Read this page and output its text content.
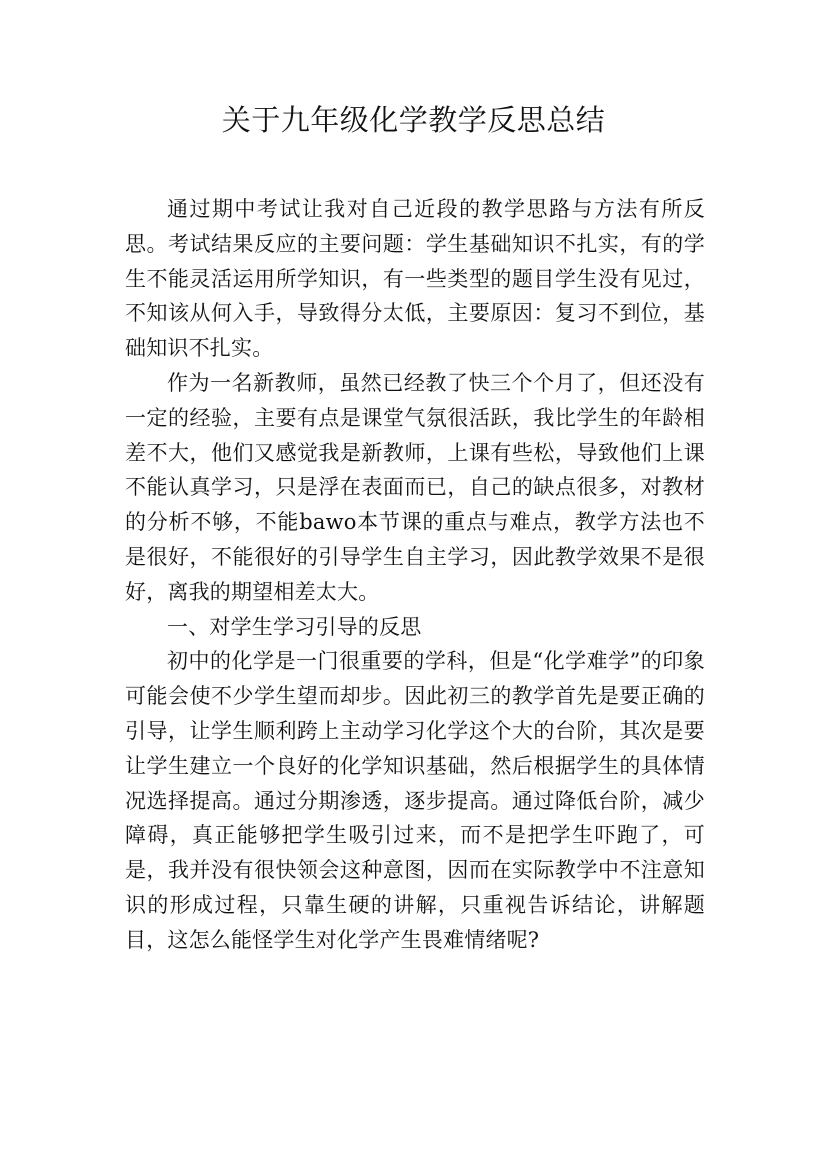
关于九年级化学教学反思总结

通过期中考试让我对自己近段的教学思路与方法有所反思。考试结果反应的主要问题：学生基础知识不扎实，有的学生不能灵活运用所学知识，有一些类型的题目学生没有见过，不知该从何入手，导致得分太低，主要原因：复习不到位，基础知识不扎实。

作为一名新教师，虽然已经教了快三个个月了，但还没有一定的经验，主要有点是课堂气氛很活跃，我比学生的年龄相差不大，他们又感觉我是新教师，上课有些松，导致他们上课不能认真学习，只是浮在表面而已，自己的缺点很多，对教材的分析不够，不能bawo本节课的重点与难点，教学方法也不是很好，不能很好的引导学生自主学习，因此教学效果不是很好，离我的期望相差太大。

一、对学生学习引导的反思

初中的化学是一门很重要的学科，但是“化学难学”的印象可能会使不少学生望而却步。因此初三的教学首先是要正确的引导，让学生顺利跨上主动学习化学这个大的台阶，其次是要让学生建立一个良好的化学知识基础，然后根据学生的具体情况选择提高。通过分期渗透，逐步提高。通过降低台阶，减少障碍，真正能够把学生吸引过来，而不是把学生吓跑了，可是，我并没有很快领会这种意图，因而在实际教学中不注意知识的形成过程，只靠生硬的讲解，只重视告诉结论，讲解题目，这怎么能怪学生对化学产生畏难情绪呢?
